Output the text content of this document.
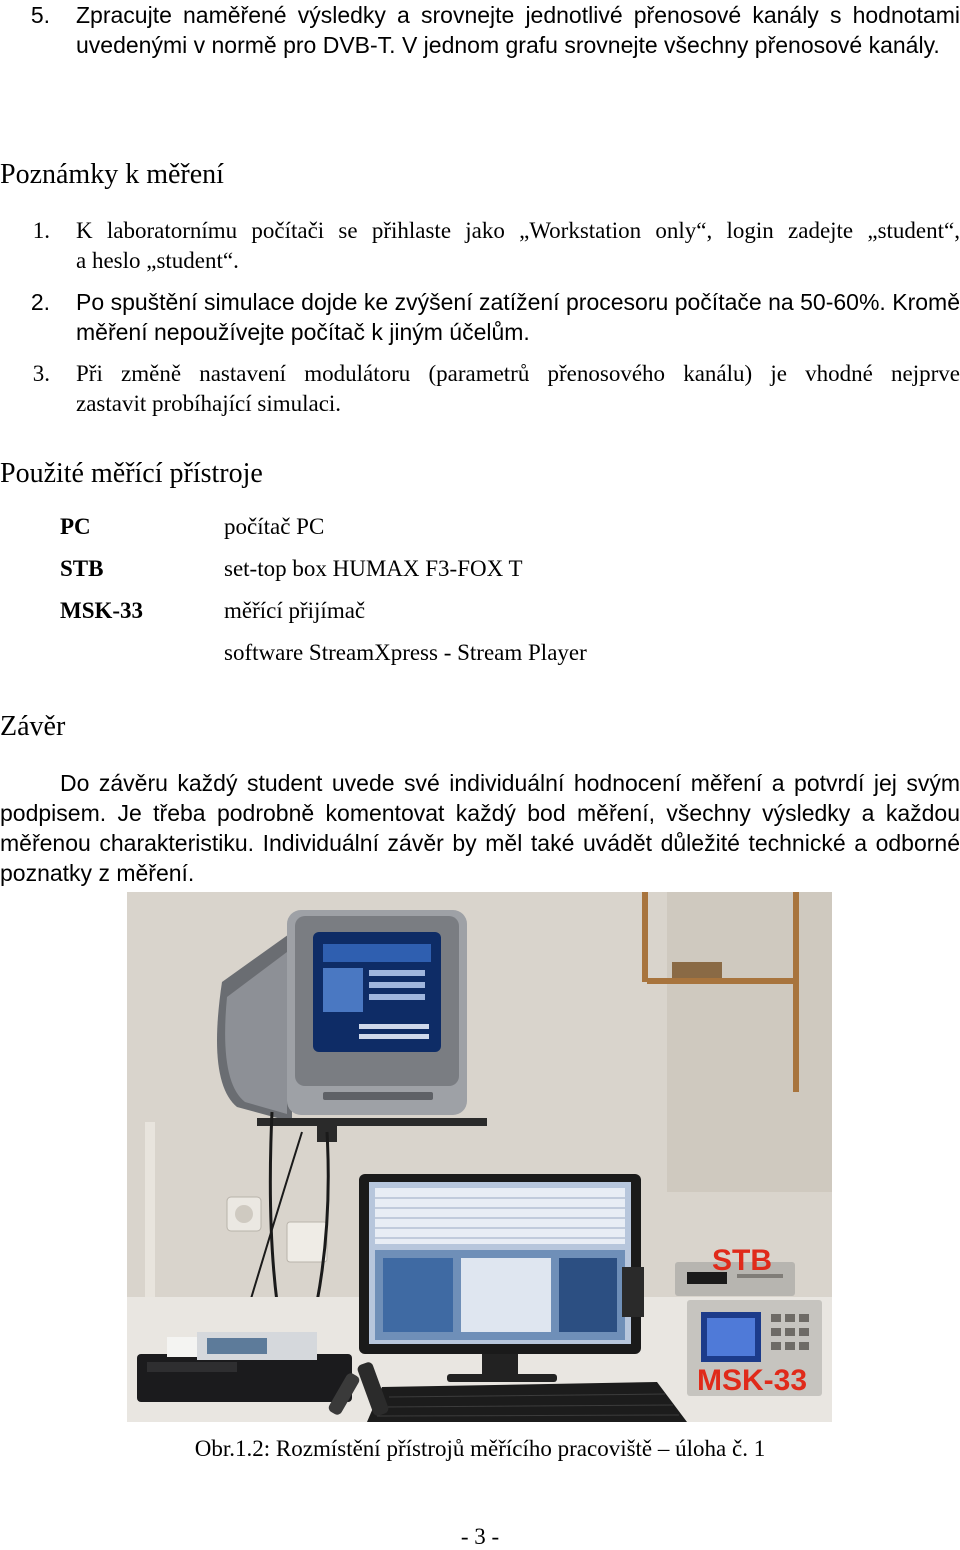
5. Zpracujte naměřené výsledky a srovnejte jednotlivé přenosové kanály s hodnotami
uvedenými v normě pro DVB-T. V jednom grafu srovnejte všechny přenosové kanály.
Poznámky k měření
1. K laboratornímu počítači se přihlaste jako „Workstation only“, login zadejte „student“,
a heslo „student“.
2. Po spuštění simulace dojde ke zvýšení zatížení procesoru počítače na 50-60%. Kromě
měření nepoužívejte počítač k jiným účelům.
3. Při změně nastavení modulátoru (parametrů přenosového kanálu) je vhodné nejprve
zastavit probíhající simulaci.
Použité měřící přístroje
PC	počítač PC
STB	set-top box HUMAX F3-FOX T
MSK-33	měřící přijímač
software StreamXpress - Stream Player
Závěr
Do závěru každý student uvede své individuální hodnocení měření a potvrdí jej svým
podpisem. Je třeba podrobně komentovat každý bod měření, všechny výsledky a každou
měřenou charakteristiku. Individuální závěr by měl také uvádět důležité technické a odborné
poznatky z měření.
STB
MSK-33
Obr.1.2: Rozmístění přístrojů měřícího pracoviště – úloha č. 1
- 3 -
